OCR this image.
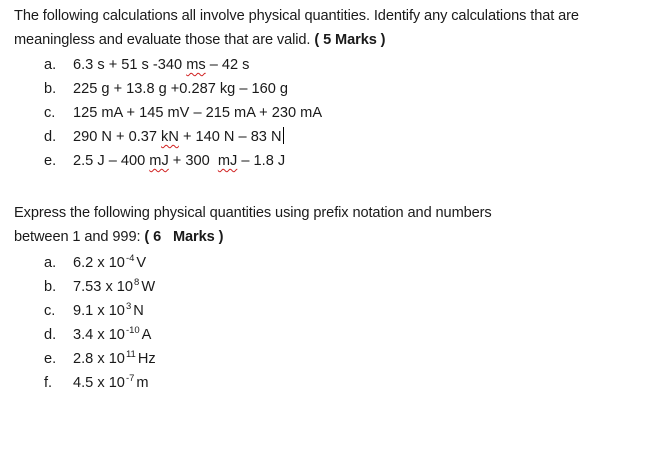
The following calculations all involve physical quantities. Identify any calculations that are
meaningless and evaluate those that are valid. ( 5 Marks )
a. 6.3 s + 51 s -340 ms – 42 s
b. 225 g + 13.8 g +0.287 kg – 160 g
c. 125 mA + 145 mV – 215 mA + 230 mA
d. 290 N + 0.37 kN + 140 N – 83 N
e. 2.5 J – 400 mJ + 300  mJ – 1.8 J
Express the following physical quantities using prefix notation and numbers
between 1 and 999: ( 6   Marks )
a. 6.2 x $10^{-4}$ V
b. 7.53 x $10^8$ W
c. 9.1 x $10^3$ N
d. 3.4 x $10^{-10}$ A
e. 2.8 x $10^{11}$ Hz
f. 4.5 x $10^{-7}$ m
